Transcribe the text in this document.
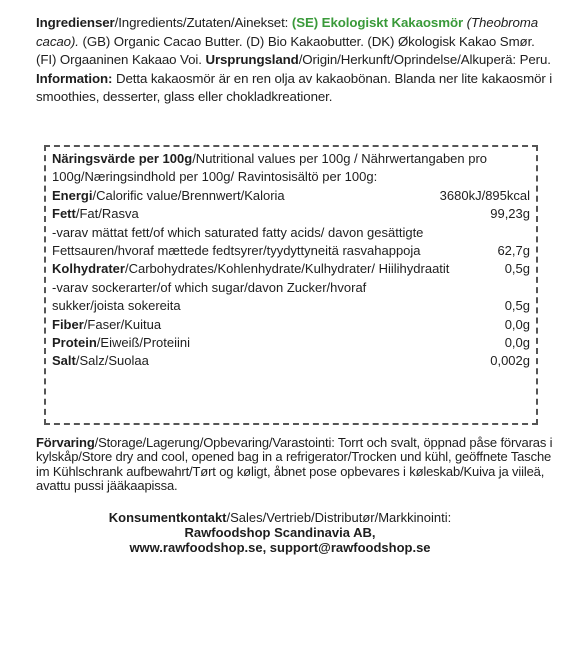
Ingredienser/Ingredients/Zutaten/Ainekset: (SE) Ekologiskt Kakaosmör (Theobroma cacao). (GB) Organic Cacao Butter. (D) Bio Kakaobutter. (DK) Økologisk Kakao Smør. (FI) Orgaaninen Kakaao Voi. Ursprungsland/Origin/Herkunft/Oprindelse/Alkuperä: Peru. Information: Detta kakaosmör är en ren olja av kakaobönan. Blanda ner lite kakaosmör i smoothies, desserter, glass eller chokladkreationer.

Näringsvärde per 100g/Nutritional values per 100g / Nährwertangaben pro 100g/Næringsindhold per 100g/ Ravintosisältö per 100g:
Energi/Calorific value/Brennwert/Kaloria	3680kJ/895kcal
Fett/Fat/Rasva	99,23g
-varav mättat fett/of which saturated fatty acids/ davon gesättigte Fettsauren/hvoraf mættede fedtsyrer/tyydyttyneitä rasvahappoja	62,7g
Kolhydrater/Carbohydrates/Kohlenhydrate/Kulhydrater/ Hiilihydraatit	0,5g
-varav sockerarter/of which sugar/davon Zucker/hvoraf sukker/joista sokereita	0,5g
Fiber/Faser/Kuitua	0,0g
Protein/Eiweiß/Proteiini	0,0g
Salt/Salz/Suolaa	0,002g

Förvaring/Storage/Lagerung/Opbevaring/Varastointi: Torrt och svalt, öppnad påse förvaras i kylskåp/Store dry and cool, opened bag in a refrigerator/Trocken und kühl, geöffnete Tasche im Kühlschrank aufbewahrt/Tørt og køligt, åbnet pose opbevares i køleskab/Kuiva ja viileä, avattu pussi jääkaapissa.

Konsumentkontakt/Sales/Vertrieb/Distributør/Markkinointi:
Rawfoodshop Scandinavia AB,
www.rawfoodshop.se, support@rawfoodshop.se
